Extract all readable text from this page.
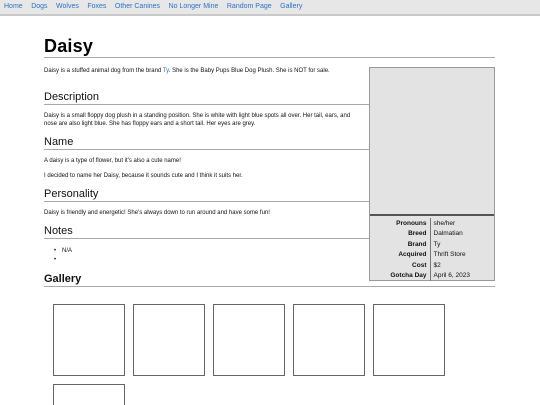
Home Dogs Wolves Foxes Other Canines No Longer Mine Random Page Gallery
Daisy

Daisy is a stuffed animal dog from the brand Ty. She is the Baby Pups Blue Dog Plush. She is NOT for sale.

Description

Daisy is a small floppy dog plush in a standing position. She is white with light blue spots all over. Her tail, ears, and nose are also light blue. She has floppy ears and a short tail. Her eyes are grey.

Name

A daisy is a type of flower, but it's also a cute name!

I decided to name her Daisy, because it sounds cute and I think it suits her.

Personality

Daisy is friendly and energetic! She's always down to run around and have some fun!

Notes
• N/A
Pronouns	she/her
Breed	Dalmatian
Brand	Ty
Acquired	Thrift Store
Cost	$2
Gotcha Day	April 6, 2023
Gallery
